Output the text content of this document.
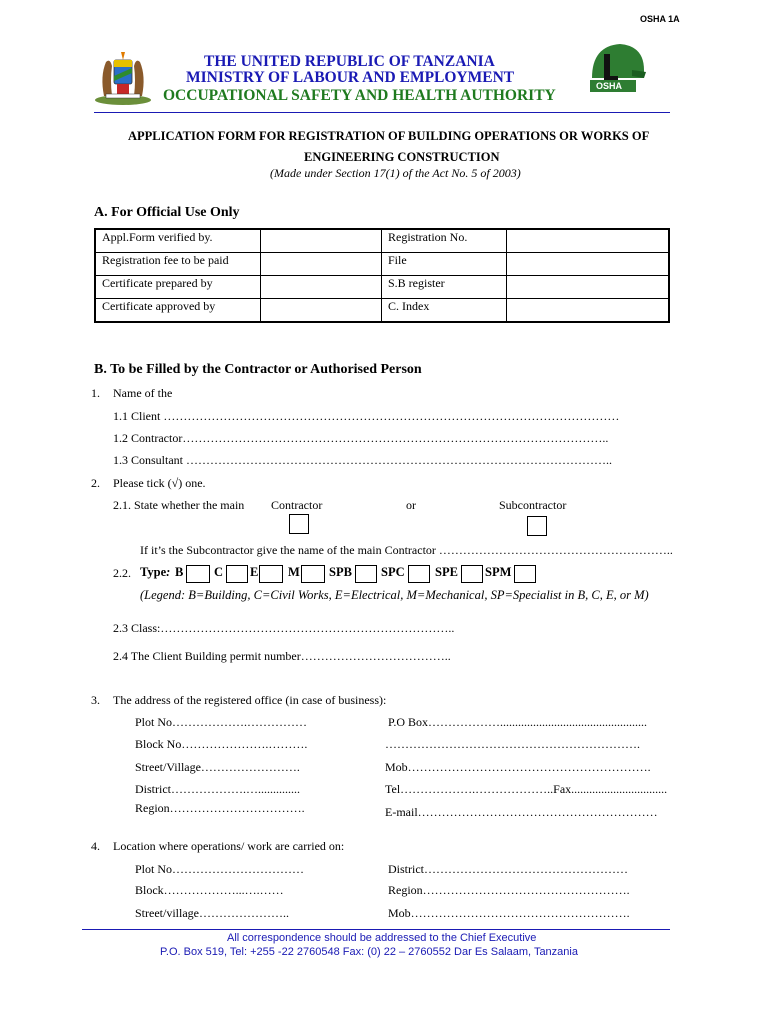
OSHA 1A
THE UNITED REPUBLIC OF TANZANIA
MINISTRY OF LABOUR AND EMPLOYMENT
OCCUPATIONAL SAFETY AND HEALTH AUTHORITY
OSHA
APPLICATION FORM FOR REGISTRATION OF BUILDING OPERATIONS OR WORKS OF
ENGINEERING CONSTRUCTION
(Made under Section 17(1) of the Act No. 5 of 2003)
A. For Official Use Only
Appl.Form verified by.		Registration No.	
Registration fee to be paid		File	
Certificate prepared by		S.B register	
Certificate approved by		C. Index	
B. To be Filled by the Contractor or Authorised Person
1. Name of the
1.1 Client ……………………………………………………………………………………………………
1.2 Contractor……………………………………………………………………………………………..
1.3 Consultant ……………………………………………………………………………………………..
2. Please tick (√) one.
2.1. State whether the main Contractor	or	Subcontractor
If it’s the Subcontractor give the name of the main Contractor …………………………………………………..
2.2. Type: B C E M SPB SPC SPE SPM
(Legend: B=Building, C=Civil Works, E=Electrical, M=Mechanical, SP=Specialist in B, C, E, or M)
2.3 Class:………………………………………………………………..
2.4 The Client Building permit number………………………………..
3. The address of the registered office (in case of business):
Plot No……………….……………
Block No………………….……….
Street/Village…………………….
District……………….…..............
Region…………………………….
P.O Box……………….................................................
……………………………………………………….
Mob…………………………………………………….
Tel……………….………………..Fax................................
E-mail……………………………………………………
4. Location where operations/ work are carried on:
Plot No……………………………
Block………………...….……
Street/village…………………..
District……………………………………………
Region…………………………………………….
Mob……………………………………………….
All correspondence should be addressed to the Chief Executive
P.O. Box 519, Tel: +255 -22 2760548 Fax: (0) 22 – 2760552 Dar Es Salaam, Tanzania
